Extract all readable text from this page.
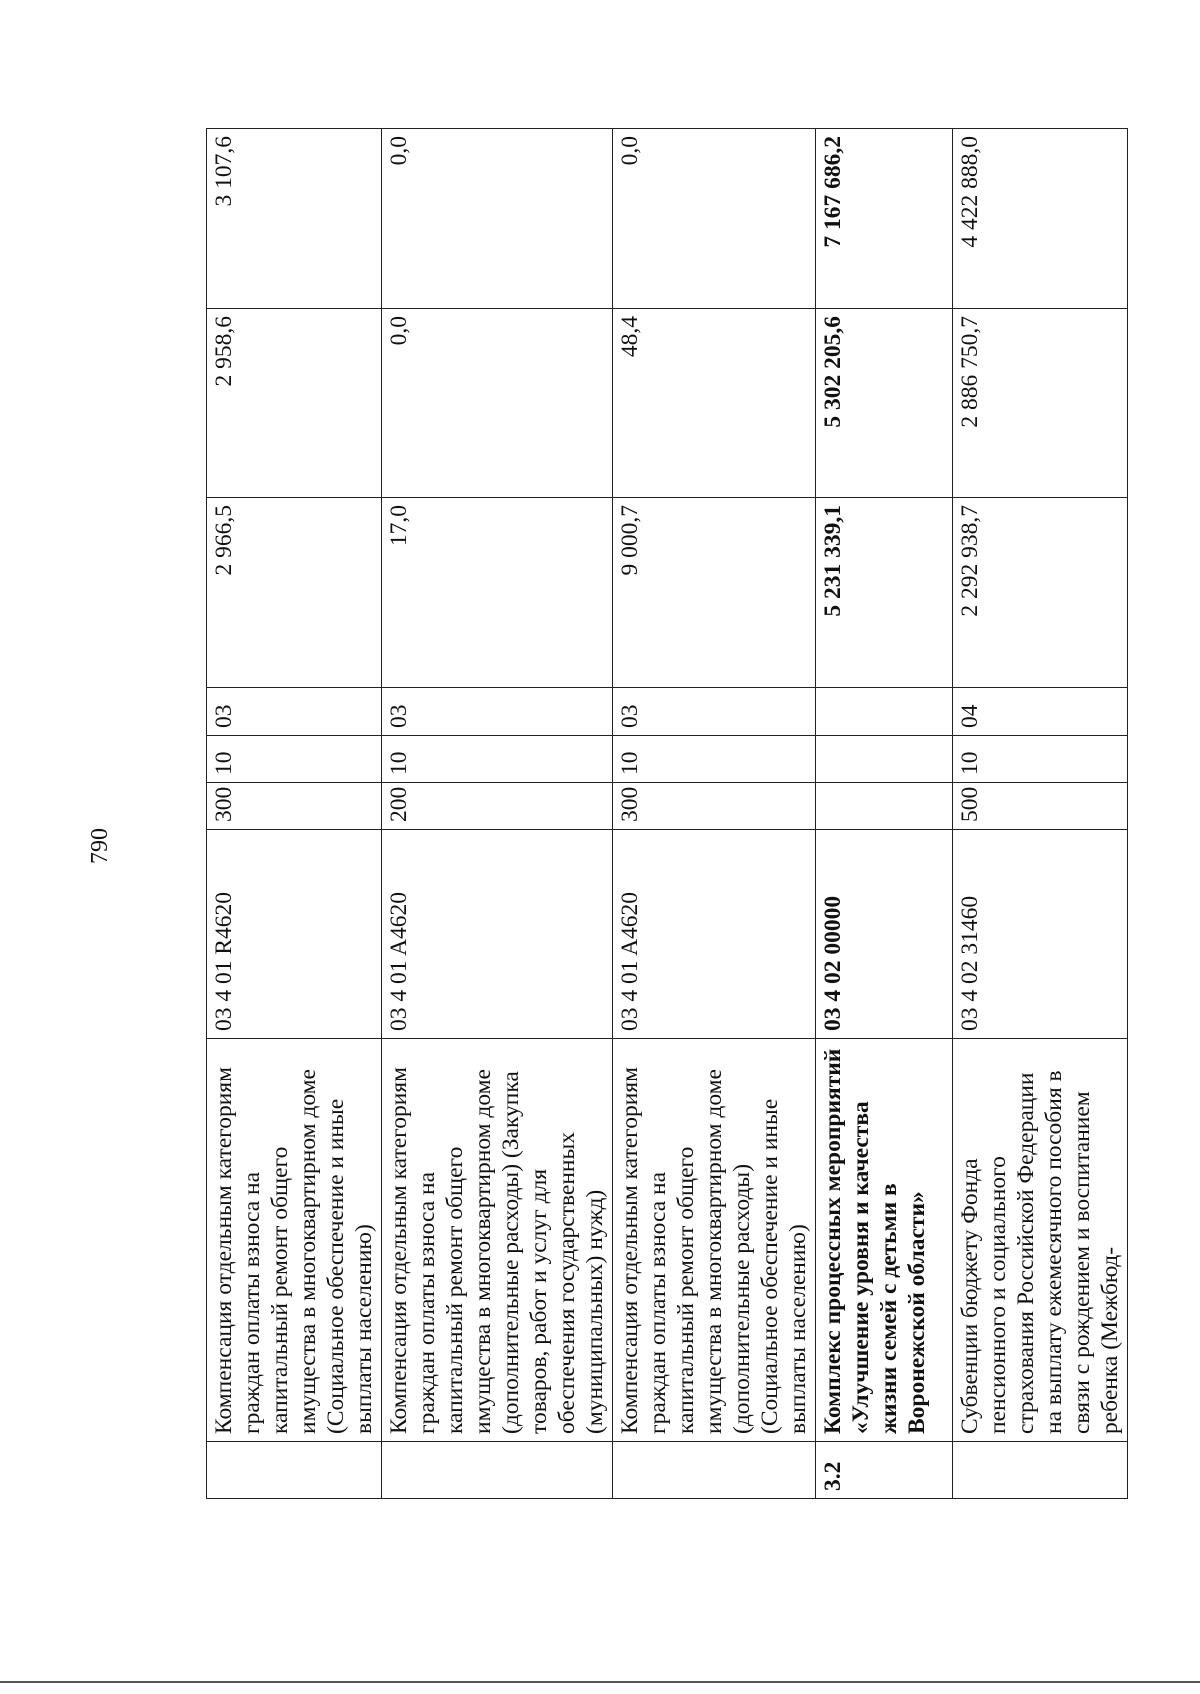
790
	Компенсация отдельным категориям граждан оплаты взноса на капитальный ремонт общего имущества в многоквартирном доме (Социальное обеспечение и иные выплаты населению)	03 4 01 R4620	300	10	03	2 966,5	2 958,6	3 107,6
	Компенсация отдельным категориям граждан оплаты взноса на капитальный ремонт общего имущества в многоквартирном доме (дополнительные расходы) (Закупка товаров, работ и услуг для обеспечения государственных (муниципальных) нужд)	03 4 01 A4620	200	10	03	17,0	0,0	0,0
	Компенсация отдельным категориям граждан оплаты взноса на капитальный ремонт общего имущества в многоквартирном доме (дополнительные расходы) (Социальное обеспечение и иные выплаты населению)	03 4 01 A4620	300	10	03	9 000,7	48,4	0,0
3.2	Комплекс процессных мероприятий «Улучшение уровня и качества жизни семей с детьми в Воронежской области»	03 4 02 00000				5 231 339,1	5 302 205,6	7 167 686,2
	Субвенции бюджету Фонда пенсионного и социального страхования Российской Федерации на выплату ежемесячного пособия в связи с рождением и воспитанием ребенка (Межбюд-	03 4 02 31460	500	10	04	2 292 938,7	2 886 750,7	4 422 888,0
